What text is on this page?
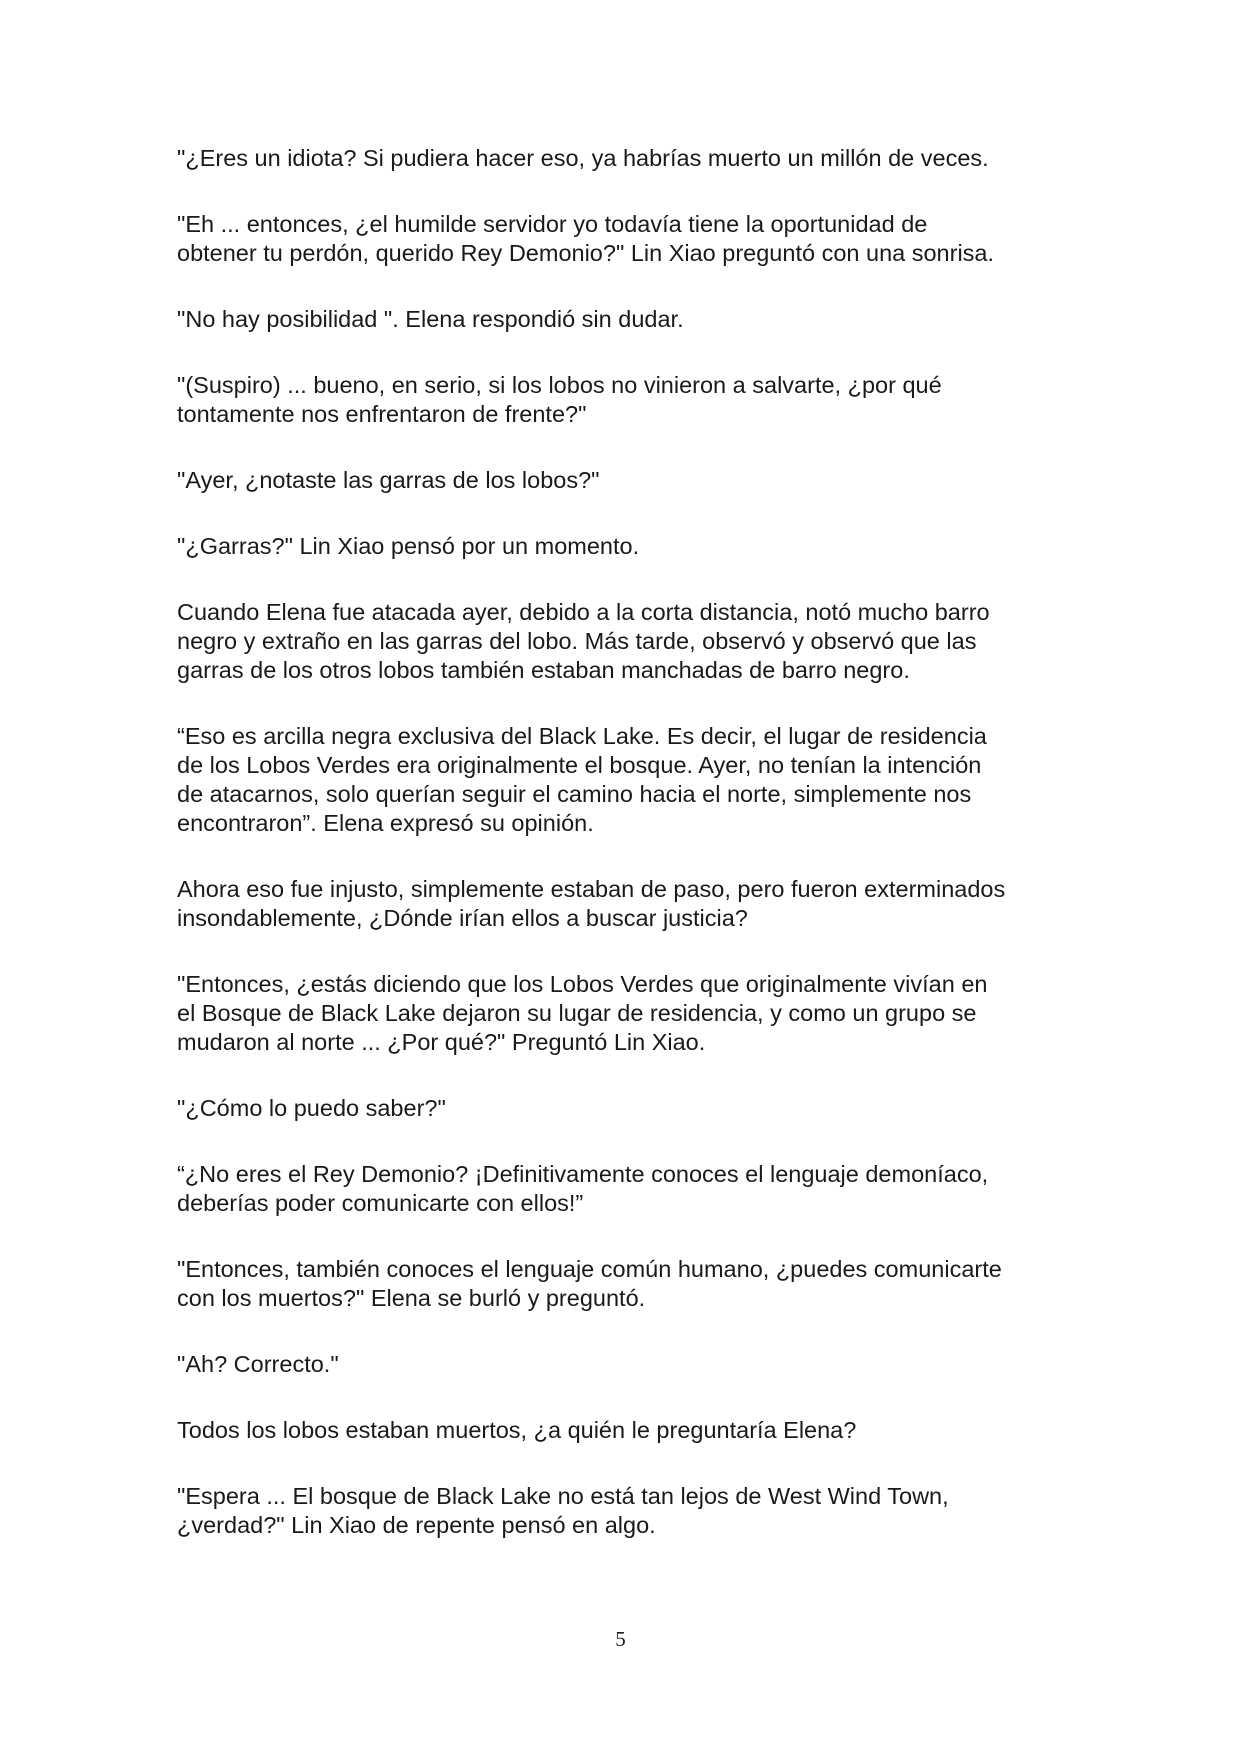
"¿Eres un idiota? Si pudiera hacer eso, ya habrías muerto un millón de veces.

"Eh ... entonces, ¿el humilde servidor yo todavía tiene la oportunidad de
obtener tu perdón, querido Rey Demonio?" Lin Xiao preguntó con una sonrisa.

"No hay posibilidad ". Elena respondió sin dudar.

"(Suspiro) ... bueno, en serio, si los lobos no vinieron a salvarte, ¿por qué
tontamente nos enfrentaron de frente?"

"Ayer, ¿notaste las garras de los lobos?"

"¿Garras?" Lin Xiao pensó por un momento.

Cuando Elena fue atacada ayer, debido a la corta distancia, notó mucho barro
negro y extraño en las garras del lobo. Más tarde, observó y observó que las
garras de los otros lobos también estaban manchadas de barro negro.

“Eso es arcilla negra exclusiva del Black Lake. Es decir, el lugar de residencia
de los Lobos Verdes era originalmente el bosque. Ayer, no tenían la intención
de atacarnos, solo querían seguir el camino hacia el norte, simplemente nos
encontraron”. Elena expresó su opinión.

Ahora eso fue injusto, simplemente estaban de paso, pero fueron exterminados
insondablemente, ¿Dónde irían ellos a buscar justicia?

"Entonces, ¿estás diciendo que los Lobos Verdes que originalmente vivían en
el Bosque de Black Lake dejaron su lugar de residencia, y como un grupo se
mudaron al norte ... ¿Por qué?" Preguntó Lin Xiao.

"¿Cómo lo puedo saber?"

“¿No eres el Rey Demonio? ¡Definitivamente conoces el lenguaje demoníaco,
deberías poder comunicarte con ellos!”

"Entonces, también conoces el lenguaje común humano, ¿puedes comunicarte
con los muertos?" Elena se burló y preguntó.

"Ah? Correcto."

Todos los lobos estaban muertos, ¿a quién le preguntaría Elena?

"Espera ... El bosque de Black Lake no está tan lejos de West Wind Town,
¿verdad?" Lin Xiao de repente pensó en algo.

5
